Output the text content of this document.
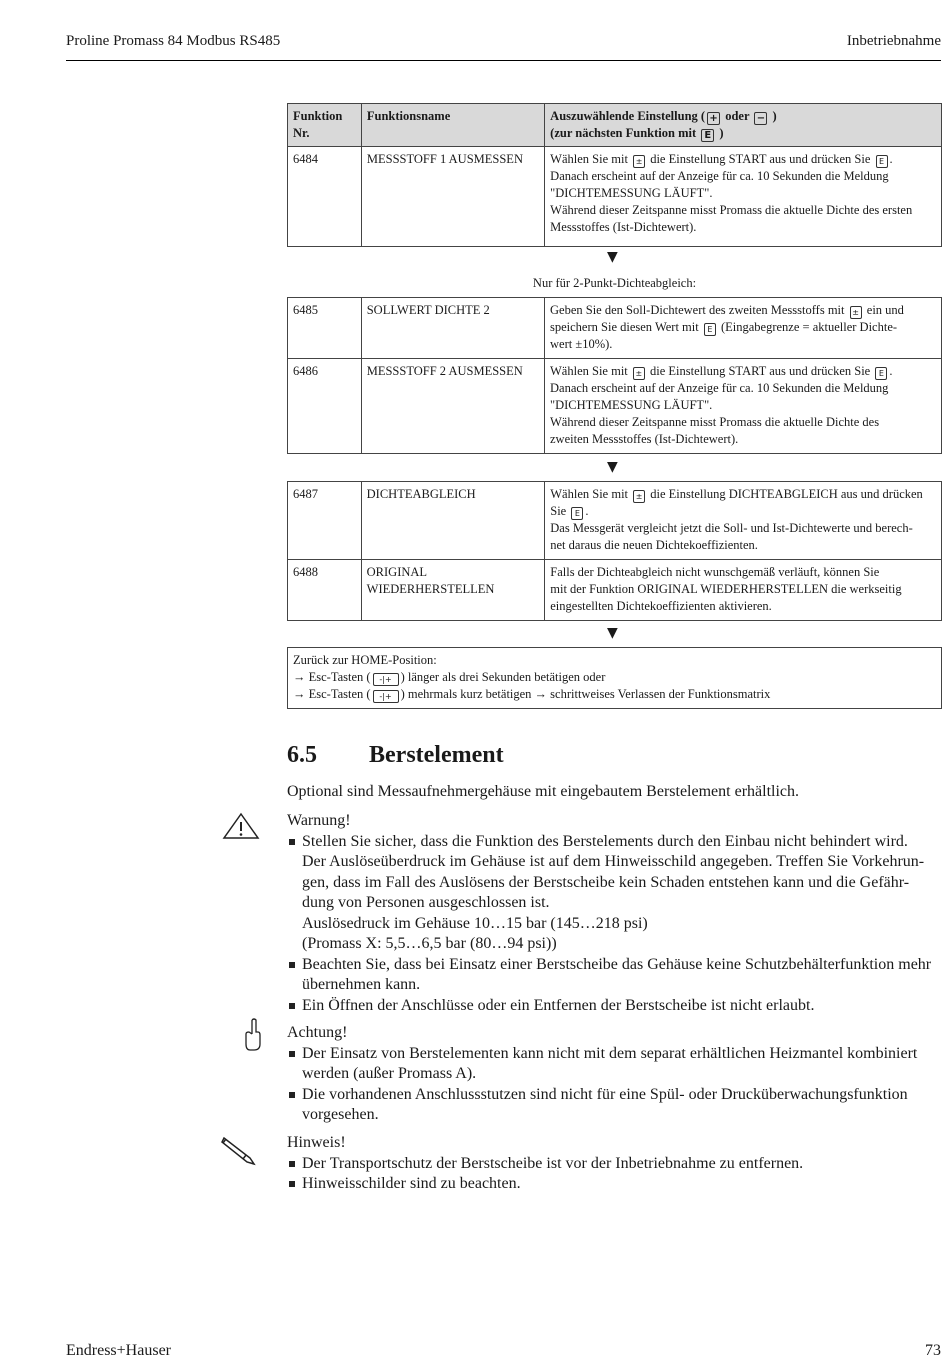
Proline Promass 84 Modbus RS485	Inbetriebnahme
Funktion Nr.	Funktionsname	Auszuwählende Einstellung ( + oder − )
(zur nächsten Funktion mit E )

6484	MESSSTOFF 1 AUSMESSEN	Wählen Sie mit ± die Einstellung START aus und drücken Sie E .
Danach erscheint auf der Anzeige für ca. 10 Sekunden die Meldung
"DICHTEMESSUNG LÄUFT".
Während dieser Zeitspanne misst Promass die aktuelle Dichte des ersten
Messstoffes (Ist-Dichtewert).
▼
Nur für 2-Punkt-Dichteabgleich:
6485	SOLLWERT DICHTE 2	Geben Sie den Soll-Dichtewert des zweiten Messstoffs mit ± ein und
speichern Sie diesen Wert mit E (Eingabegrenze = aktueller Dichte-
wert ±10%).

6486	MESSSTOFF 2 AUSMESSEN	Wählen Sie mit ± die Einstellung START aus und drücken Sie E .
Danach erscheint auf der Anzeige für ca. 10 Sekunden die Meldung
"DICHTEMESSUNG LÄUFT".
Während dieser Zeitspanne misst Promass die aktuelle Dichte des
zweiten Messstoffes (Ist-Dichtewert).
▼
6487	DICHTEABGLEICH	Wählen Sie mit ± die Einstellung DICHTEABGLEICH aus und drücken
Sie E .
Das Messgerät vergleicht jetzt die Soll- und Ist-Dichtewerte und berech-
net daraus die neuen Dichtekoeffizienten.

6488	ORIGINAL
WIEDERHERSTELLEN	Falls der Dichteabgleich nicht wunschgemäß verläuft, können Sie
mit der Funktion ORIGINAL WIEDERHERSTELLEN die werkseitig
eingestellten Dichtekoeffizienten aktivieren.
▼
Zurück zur HOME-Position:
→ Esc-Tasten ( -|+ ) länger als drei Sekunden betätigen oder
→ Esc-Tasten ( -|+ ) mehrmals kurz betätigen → schrittweises Verlassen der Funktionsmatrix
6.5 Berstelement
Optional sind Messaufnehmergehäuse mit eingebautem Berstelement erhältlich.
Warnung!
Stellen Sie sicher, dass die Funktion des Berstelements durch den Einbau nicht behindert wird.
Der Auslöseüberdruck im Gehäuse ist auf dem Hinweisschild angegeben. Treffen Sie Vorkehrun-
gen, dass im Fall des Auslösens der Berstscheibe kein Schaden entstehen kann und die Gefähr-
dung von Personen ausgeschlossen ist.
Auslösedruck im Gehäuse 10…15 bar (145…218 psi)
(Promass X: 5,5…6,5 bar (80…94 psi))
Beachten Sie, dass bei Einsatz einer Berstscheibe das Gehäuse keine Schutzbehälterfunktion mehr
übernehmen kann.
Ein Öffnen der Anschlüsse oder ein Entfernen der Berstscheibe ist nicht erlaubt.
Achtung!
Der Einsatz von Berstelementen kann nicht mit dem separat erhältlichen Heizmantel kombiniert
werden (außer Promass A).
Die vorhandenen Anschlussstutzen sind nicht für eine Spül- oder Drucküberwachungsfunktion
vorgesehen.
Hinweis!
Der Transportschutz der Berstscheibe ist vor der Inbetriebnahme zu entfernen.
Hinweisschilder sind zu beachten.
Endress+Hauser	73
